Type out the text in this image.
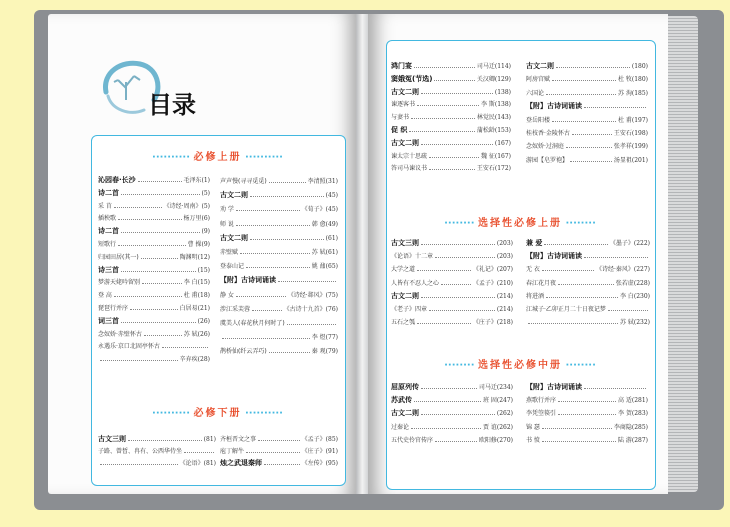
目录
·········· 必修上册 ··········
沁园春·长沙	毛泽东(1)
诗二首	(5)
采 苜	《诗经·周南》(5)
插秧歌	杨万里(6)
诗二首	(9)
短歌行	曹 操(9)
归园田居(其一)	陶渊明(12)
诗三首	(15)
梦游天姥吟留别	李 白(15)
登 高	杜 甫(18)
琵琶行并序	白居易(21)
词三首	(26)
念奴娇·赤壁怀古	苏 轼(26)
永遇乐·京口北固亭怀古
辛弃疾(28)
声声慢(寻寻觅觅)	李清照(31)
古文二则	(45)
劝 学	《荀子》(45)
师 说	韩 愈(49)
古文二则	(61)
赤壁赋	苏 轼(61)
登泰山记	姚 鼐(65)
【附】古诗词诵读
静 女	《诗经·邶风》(75)
涉江采芙蓉	《古诗十九首》(76)
虞美人(春花秋月何时了)
李 煜(77)
鹊桥仙(纤云弄巧)	秦 观(79)
·········· 必修下册 ··········
古文三则	(81)
子路、曾皙、冉有、公西华侍坐
《论语》(81)
齐桓晋文之事	《孟子》(85)
庖丁解牛	《庄子》(91)
烛之武退秦师	《左传》(95)
········ 选择性必修上册 ········
········ 选择性必修中册 ········
鸿门宴	司马迁(114)
窦娥冤(节选)	关汉卿(129)
古文二则	(138)
谏逐客书	李 斯(138)
与妻书	林觉民(143)
促 织	蒲松龄(153)
古文二则	(167)
谏太宗十思疏	魏 征(167)
答司马谏议书	王安石(172)
古文二则	(180)
阿房宫赋	杜 牧(180)
六国论	苏 洵(185)
【附】古诗词诵读
登岳阳楼	杜 甫(197)
桂枝香·金陵怀古	王安石(198)
念奴娇·过洞庭	张孝祥(199)
游园【皂罗袍】	汤显祖(201)
古文三则	(203)
《论语》十二章	(203)
大学之道	《礼记》(207)
人皆有不忍人之心	《孟子》(210)
古文二则	(214)
《老子》四章	(214)
五石之瓠	《庄子》(218)
兼 爱	《墨子》(222)
【附】古诗词诵读
无 衣	《诗经·秦风》(227)
春江花月夜	张若虚(228)
将进酒	李 白(230)
江城子·乙卯正月二十日夜记梦
苏 轼(232)
屈原列传	司马迁(234)
苏武传	班 固(247)
古文二则	(262)
过秦论	贾 谊(262)
五代史伶官传序	欧阳修(270)
【附】古诗词诵读
燕歌行并序	高 适(281)
李凭箜篌引	李 贺(283)
锦 瑟	李商隐(285)
书 愤	陆 游(287)
